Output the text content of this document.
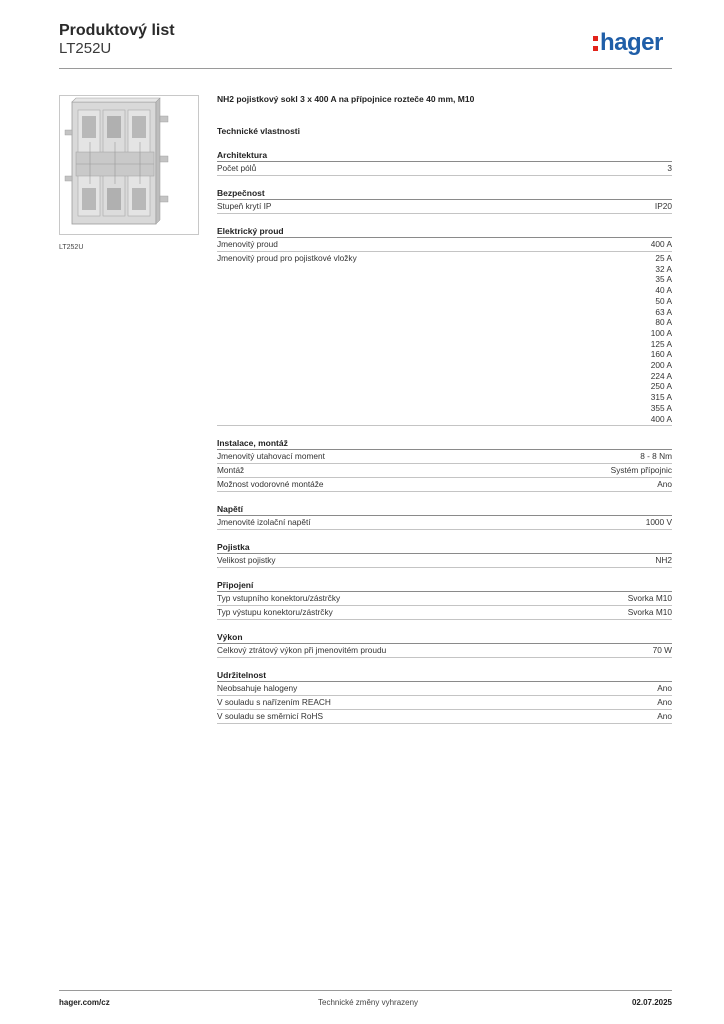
Produktový list
LT252U	hager
LT252U
NH2 pojistkový sokl 3 x 400 A na přípojnice rozteče 40 mm, M10
Technické vlastnosti
Architektura
Počet pólů	3
Bezpečnost
Stupeň krytí IP	IP20
Elektrický proud
Jmenovitý proud	400 A
Jmenovitý proud pro pojistkové vložky	25 A
32 A
35 A
40 A
50 A
63 A
80 A
100 A
125 A
160 A
200 A
224 A
250 A
315 A
355 A
400 A
Instalace, montáž
Jmenovitý utahovací moment	8 - 8 Nm
Montáž	Systém přípojnic
Možnost vodorovné montáže	Ano
Napětí
Jmenovité izolační napětí	1000 V
Pojistka
Velikost pojistky	NH2
Připojení
Typ vstupního konektoru/zástrčky	Svorka M10
Typ výstupu konektoru/zástrčky	Svorka M10
Výkon
Celkový ztrátový výkon při jmenovitém proudu	70 W
Udržitelnost
Neobsahuje halogeny	Ano
V souladu s nařízením REACH	Ano
V souladu se směrnicí RoHS	Ano
hager.com/cz	Technické změny vyhrazeny	02.07.2025
